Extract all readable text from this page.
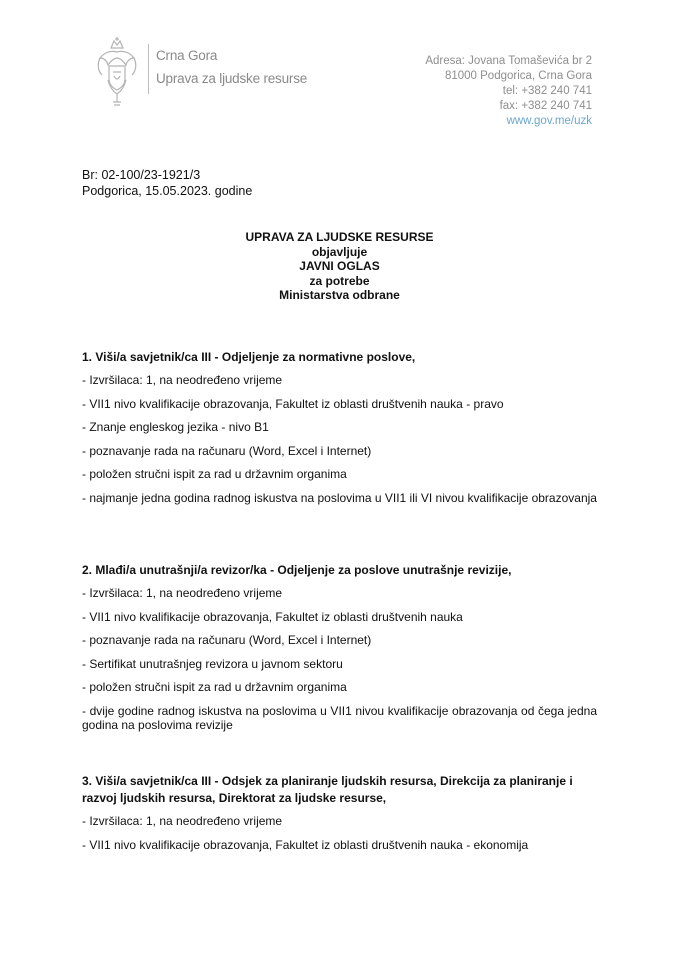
Crna Gora
Uprava za ljudske resurse
Adresa: Jovana Tomaševića br 2
81000 Podgorica, Crna Gora
tel: +382 240 741
fax: +382 240 741
www.gov.me/uzk
Br: 02-100/23-1921/3
Podgorica, 15.05.2023. godine
UPRAVA ZA LJUDSKE RESURSE
objavljuje
JAVNI OGLAS
za potrebe
Ministarstva odbrane
1. Viši/a savjetnik/ca III - Odjeljenje za normativne poslove,
- Izvršilaca: 1, na neodređeno vrijeme
- VII1 nivo kvalifikacije obrazovanja, Fakultet iz oblasti društvenih nauka - pravo
- Znanje engleskog jezika - nivo B1
- poznavanje rada na računaru (Word, Excel i Internet)
- položen stručni ispit za rad u državnim organima
- najmanje jedna godina radnog iskustva na poslovima u VII1 ili VI nivou kvalifikacije obrazovanja
2. Mlađi/a unutrašnji/a revizor/ka - Odjeljenje za poslove unutrašnje revizije,
- Izvršilaca: 1, na neodređeno vrijeme
- VII1 nivo kvalifikacije obrazovanja, Fakultet iz oblasti društvenih nauka
- poznavanje rada na računaru (Word, Excel i Internet)
- Sertifikat unutrašnjeg revizora u javnom sektoru
- položen stručni ispit za rad u državnim organima
- dvije godine radnog iskustva na poslovima u VII1 nivou kvalifikacije obrazovanja od čega jedna godina na poslovima revizije
3. Viši/a savjetnik/ca III - Odsjek za planiranje ljudskih resursa, Direkcija za planiranje i razvoj ljudskih resursa, Direktorat za ljudske resurse,
- Izvršilaca: 1, na neodređeno vrijeme
- VII1 nivo kvalifikacije obrazovanja, Fakultet iz oblasti društvenih nauka - ekonomija
